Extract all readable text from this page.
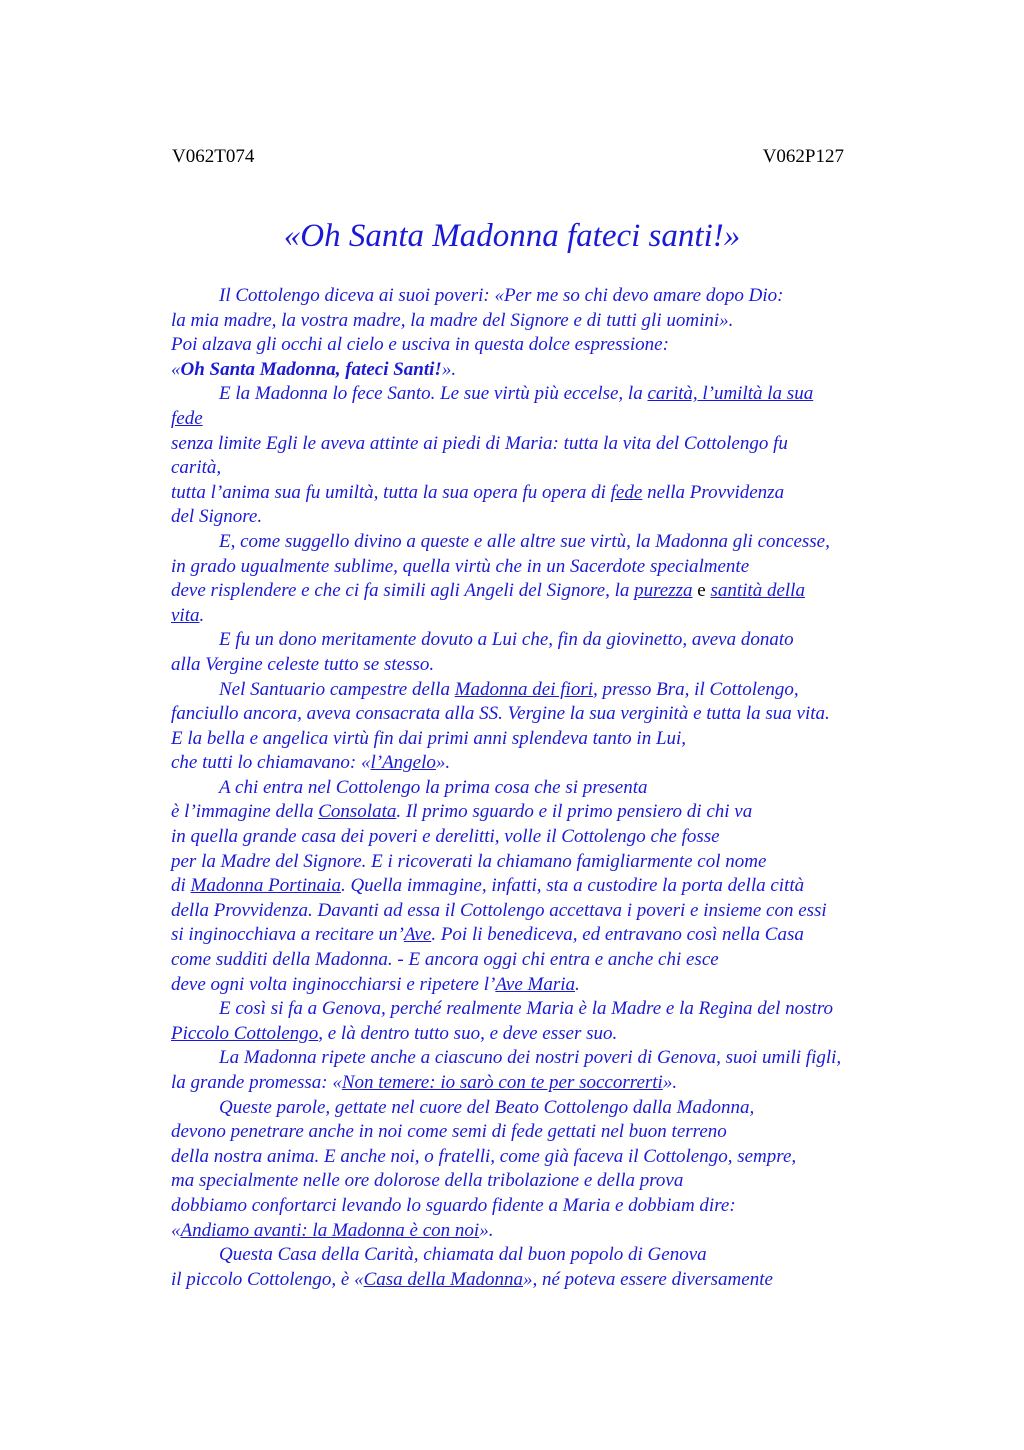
V062T074	V062P127
«Oh Santa Madonna fateci santi!»
Il Cottolengo diceva ai suoi poveri: «Per me so chi devo amare dopo Dio:
la mia madre, la vostra madre, la madre del Signore e di tutti gli uomini».
Poi alzava gli occhi al cielo e usciva in questa dolce espressione:
«Oh Santa Madonna, fateci Santi!».
E la Madonna lo fece Santo. Le sue virtù più eccelse, la carità, l’umiltà la sua
fede
senza limite Egli le aveva attinte ai piedi di Maria: tutta la vita del Cottolengo fu
carità,
tutta l’anima sua fu umiltà, tutta la sua opera fu opera di fede nella Provvidenza
del Signore.
E, come suggello divino a queste e alle altre sue virtù, la Madonna gli concesse,
in grado ugualmente sublime, quella virtù che in un Sacerdote specialmente
deve risplendere e che ci fa simili agli Angeli del Signore, la purezza e santità della
vita.
E fu un dono meritamente dovuto a Lui che, fin da giovinetto, aveva donato
alla Vergine celeste tutto se stesso.
Nel Santuario campestre della Madonna dei fiori, presso Bra, il Cottolengo,
fanciullo ancora, aveva consacrata alla SS. Vergine la sua verginità e tutta la sua vita.
E la bella e angelica virtù fin dai primi anni splendeva tanto in Lui,
che tutti lo chiamavano: «l’Angelo».
A chi entra nel Cottolengo la prima cosa che si presenta
è l’immagine della Consolata. Il primo sguardo e il primo pensiero di chi va
in quella grande casa dei poveri e derelitti, volle il Cottolengo che fosse
per la Madre del Signore. E i ricoverati la chiamano famigliarmente col nome
di Madonna Portinaia. Quella immagine, infatti, sta a custodire la porta della città
della Provvidenza. Davanti ad essa il Cottolengo accettava i poveri e insieme con essi
si inginocchiava a recitare un’Ave. Poi li benediceva, ed entravano così nella Casa
come sudditi della Madonna. - E ancora oggi chi entra e anche chi esce
deve ogni volta inginocchiarsi e ripetere l’Ave Maria.
E così si fa a Genova, perché realmente Maria è la Madre e la Regina del nostro
Piccolo Cottolengo, e là dentro tutto suo, e deve esser suo.
La Madonna ripete anche a ciascuno dei nostri poveri di Genova, suoi umili figli,
la grande promessa: «Non temere: io sarò con te per soccorrerti».
Queste parole, gettate nel cuore del Beato Cottolengo dalla Madonna,
devono penetrare anche in noi come semi di fede gettati nel buon terreno
della nostra anima. E anche noi, o fratelli, come già faceva il Cottolengo, sempre,
ma specialmente nelle ore dolorose della tribolazione e della prova
dobbiamo confortarci levando lo sguardo fidente a Maria e dobbiam dire:
«Andiamo avanti: la Madonna è con noi».
Questa Casa della Carità, chiamata dal buon popolo di Genova
il piccolo Cottolengo, è «Casa della Madonna», né poteva essere diversamente
